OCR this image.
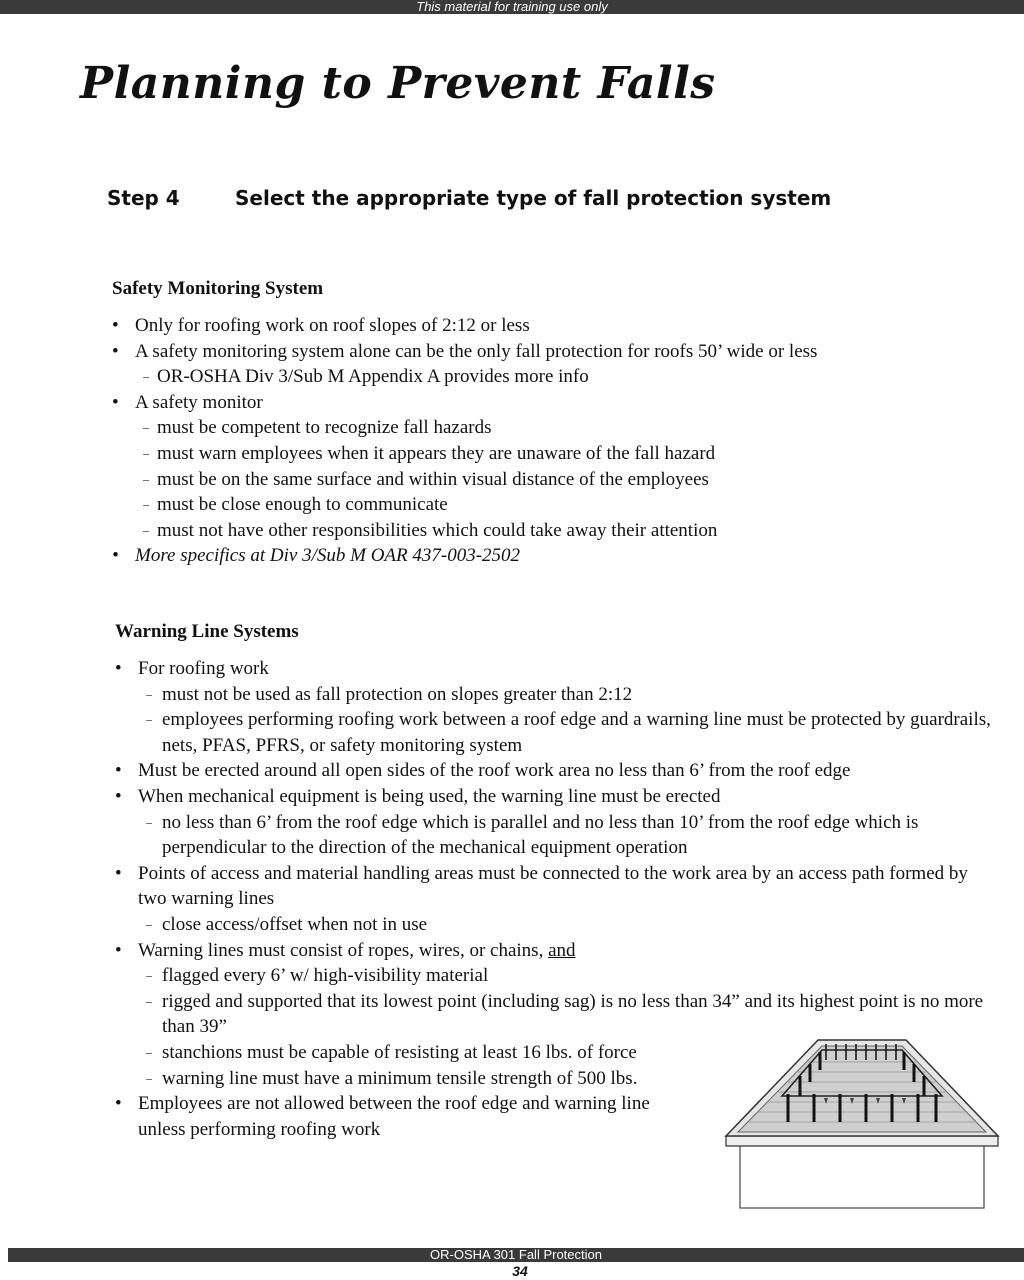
This material for training use only
Planning to Prevent Falls
Step 4	Select the appropriate type of fall protection system
Safety Monitoring System
• Only for roofing work on roof slopes of 2:12 or less
• A safety monitoring system alone can be the only fall protection for roofs 50’ wide or less
– OR-OSHA Div 3/Sub M Appendix A provides more info
• A safety monitor
– must be competent to recognize fall hazards
– must warn employees when it appears they are unaware of the fall hazard
– must be on the same surface and within visual distance of the employees
– must be close enough to communicate
– must not have other responsibilities which could take away their attention
• More specifics at Div 3/Sub M OAR 437-003-2502
Warning Line Systems
• For roofing work
– must not be used as fall protection on slopes greater than 2:12
– employees performing roofing work between a roof edge and a warning line must be protected by guardrails, nets, PFAS, PFRS, or safety monitoring system
• Must be erected around all open sides of the roof work area no less than 6’ from the roof edge
• When mechanical equipment is being used, the warning line must be erected
– no less than 6’ from the roof edge which is parallel and no less than 10’ from the roof edge which is perpendicular to the direction of the mechanical equipment operation
• Points of access and material handling areas must be connected to the work area by an access path formed by two warning lines
– close access/offset when not in use
• Warning lines must consist of ropes, wires, or chains, and
– flagged every 6’ w/ high-visibility material
– rigged and supported that its lowest point (including sag) is no less than 34” and its highest point is no more than 39”
– stanchions must be capable of resisting at least 16 lbs. of force
– warning line must have a minimum tensile strength of 500 lbs.
• Employees are not allowed between the roof edge and warning line
unless performing roofing work
OR-OSHA 301 Fall Protection
34
